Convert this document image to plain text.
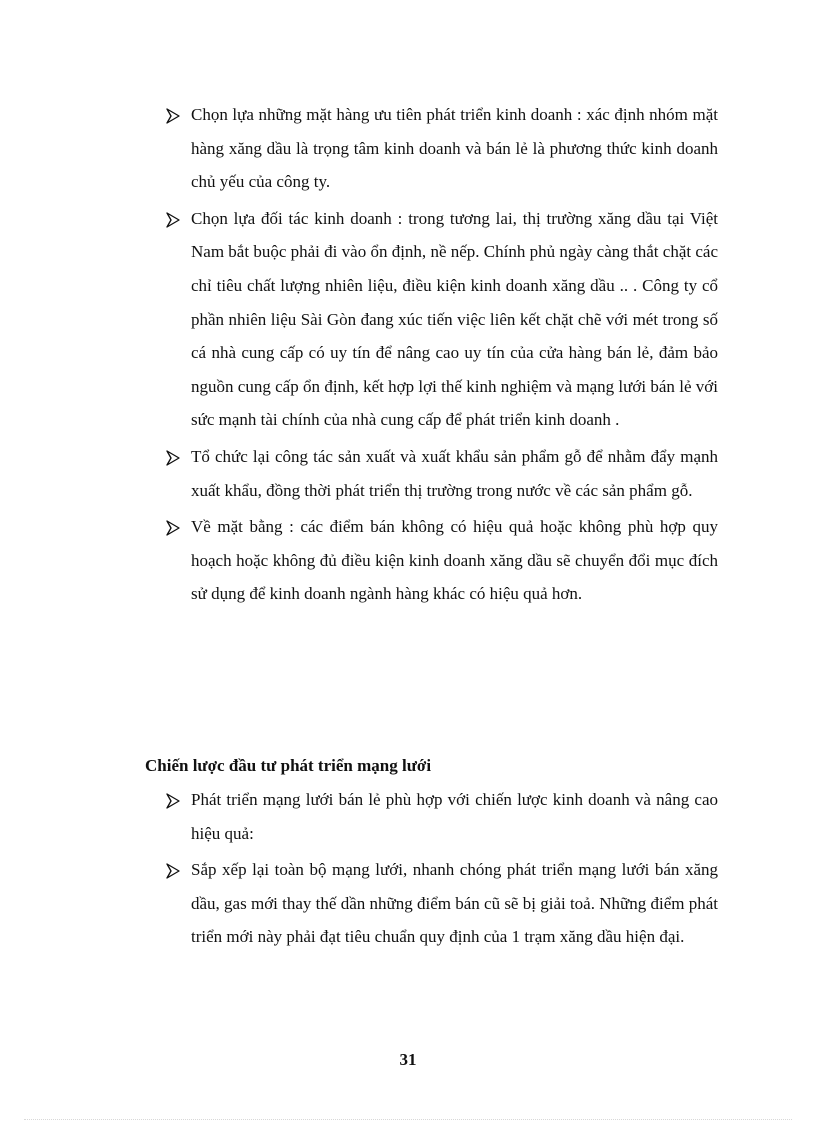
Chọn lựa những mặt hàng ưu tiên phát triển kinh doanh : xác định nhóm mặt hàng xăng dầu là trọng tâm kinh doanh và bán lẻ là phương thức kinh doanh chủ yếu của công ty.
Chọn lựa đối tác kinh doanh : trong tương lai, thị trường xăng dầu tại Việt Nam bắt buộc phải đi vào ổn định, nề nếp. Chính phủ ngày càng thắt chặt các chỉ tiêu chất lượng nhiên liệu, điều kiện kinh doanh xăng dầu .. . Công ty cổ phần nhiên liệu Sài Gòn đang xúc tiến việc liên kết chặt chẽ với mét trong số cá nhà cung cấp có uy tín để nâng cao uy tín của cửa hàng bán lẻ, đảm bảo nguồn cung cấp ổn định, kết hợp lợi thế kinh nghiệm và mạng lưới bán lẻ với sức mạnh tài chính của nhà cung cấp để phát triển kinh doanh .
Tổ chức lại công tác sản xuất và xuất khẩu sản phẩm gỗ để nhằm đẩy mạnh xuất khẩu, đồng thời phát triển thị trường trong nước về các sản phẩm gỗ.
Về mặt bằng : các điểm bán không có hiệu quả hoặc không phù hợp quy hoạch hoặc không đủ điều kiện kinh doanh xăng dầu sẽ chuyển đổi mục đích sử dụng để kinh doanh ngành hàng khác có hiệu quả hơn.
Chiến lược đầu tư phát triển mạng lưới
Phát triển mạng lưới bán lẻ phù hợp với chiến lược kinh doanh và nâng cao hiệu quả:
Sắp xếp lại toàn bộ mạng lưới, nhanh chóng phát triển mạng lưới bán xăng dầu, gas mới thay thế dần những điểm bán cũ sẽ bị giải toả. Những điểm phát triển mới này phải đạt tiêu chuẩn quy định của 1 trạm xăng dầu hiện đại.
31
